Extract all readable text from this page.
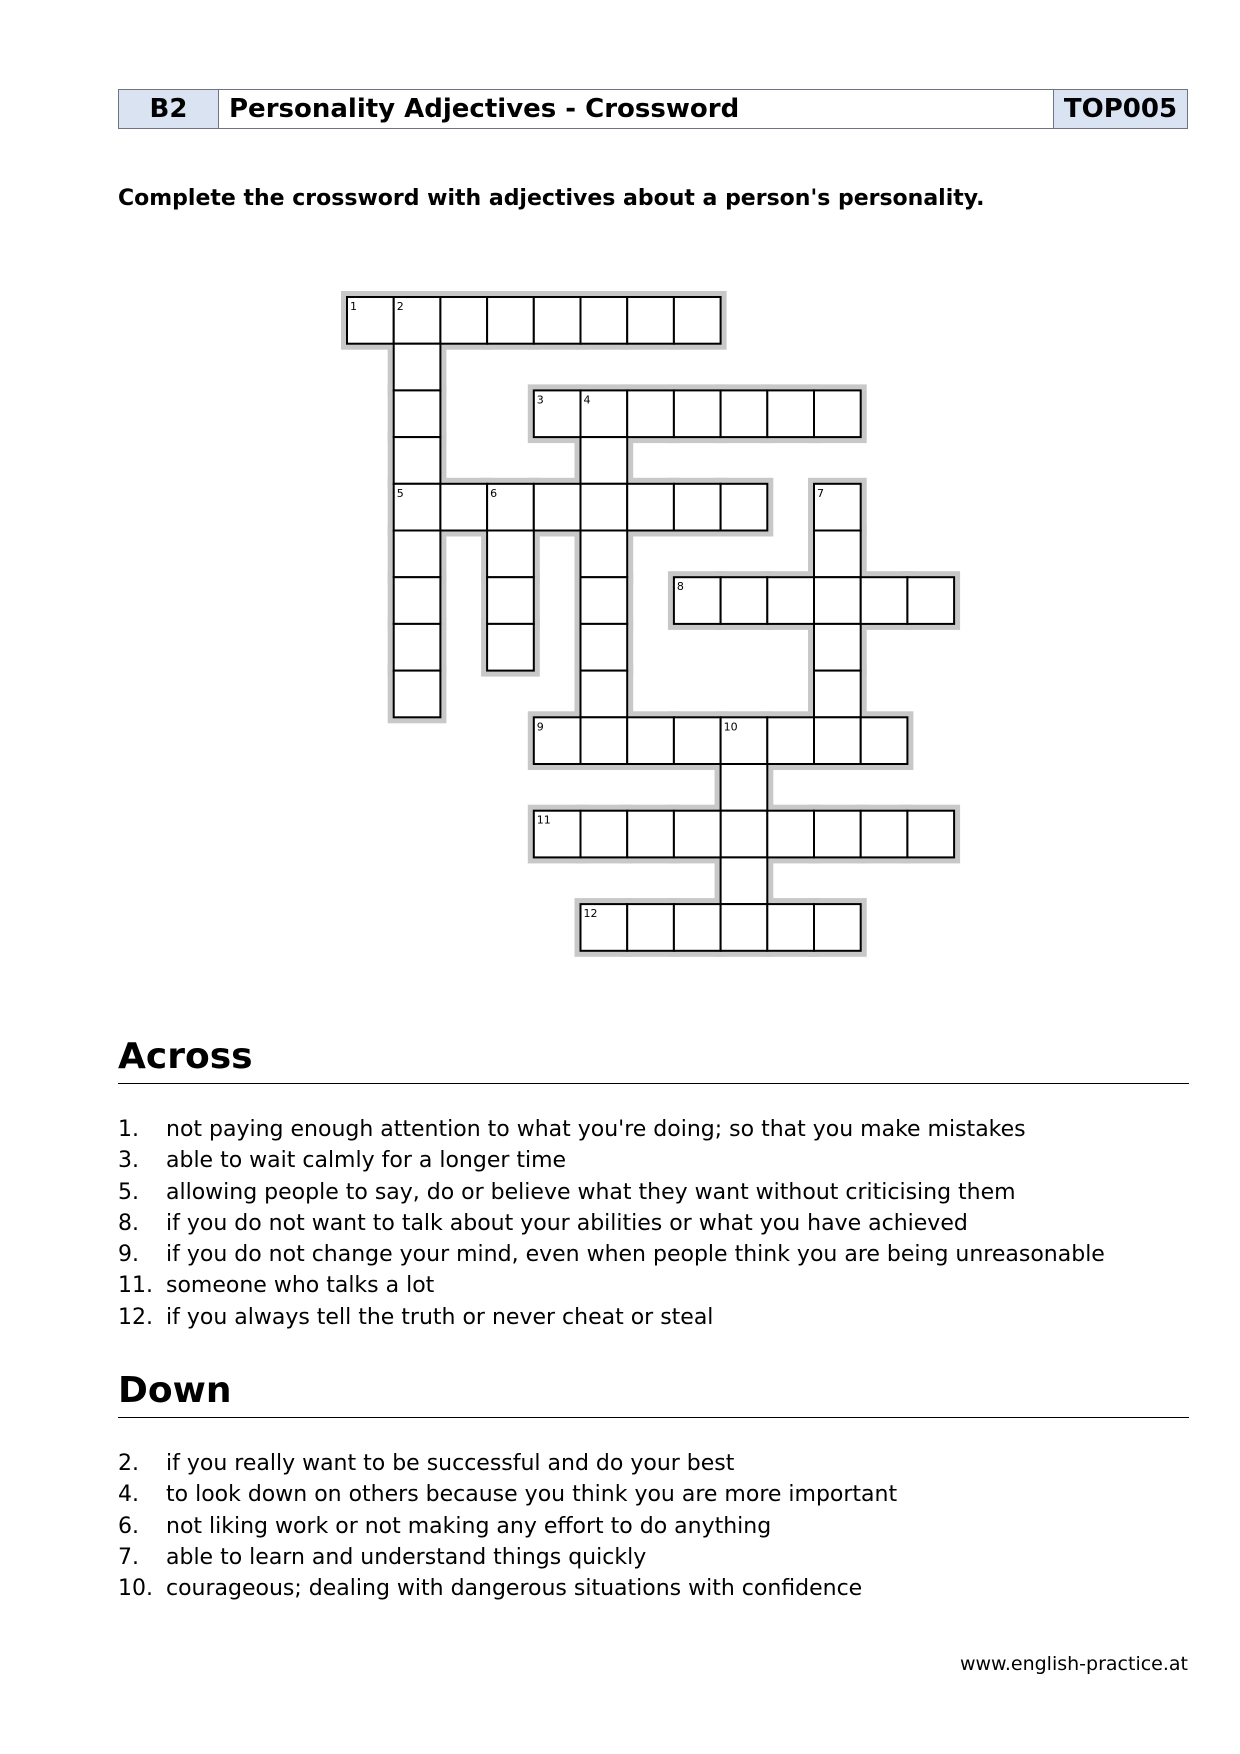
B2	Personality Adjectives - Crossword	TOP005
Complete the crossword with adjectives about a person's personality.
1	2
5
3	4
6	7
8
9	10
11
12
Across
1. not paying enough attention to what you're doing; so that you make mistakes
3. able to wait calmly for a longer time
5. allowing people to say, do or believe what they want without criticising them
8. if you do not want to talk about your abilities or what you have achieved
9. if you do not change your mind, even when people think you are being unreasonable
11. someone who talks a lot
12. if you always tell the truth or never cheat or steal
Down
2. if you really want to be successful and do your best
4. to look down on others because you think you are more important
6. not liking work or not making any effort to do anything
7. able to learn and understand things quickly
10. courageous; dealing with dangerous situations with confidence
www.english-practice.at
